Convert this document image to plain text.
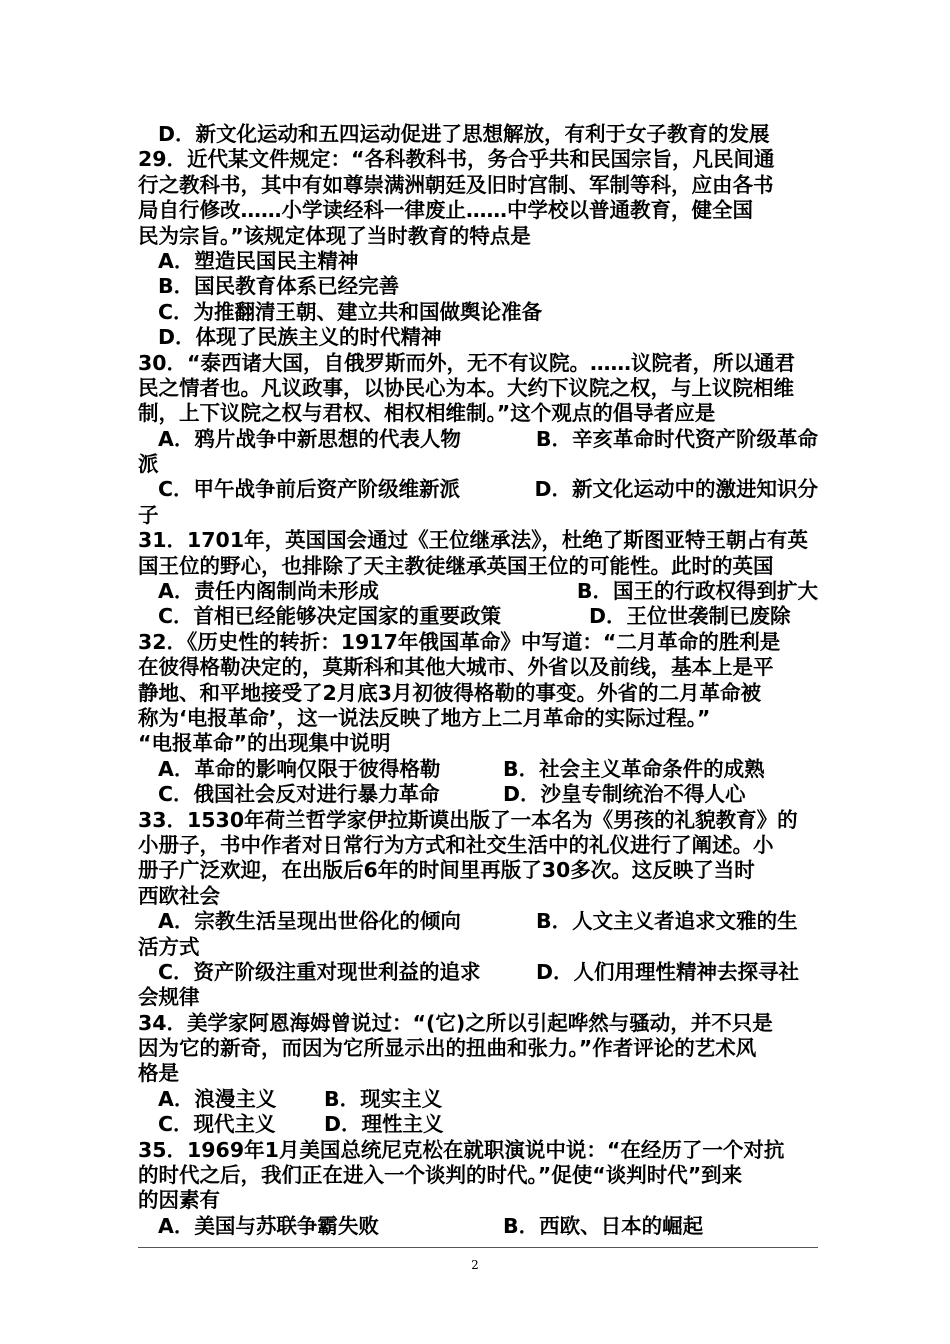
D．新文化运动和五四运动促进了思想解放，有利于女子教育的发展
29．近代某文件规定：“各科教科书，务合乎共和民国宗旨，凡民间通
行之教科书，其中有如尊崇满洲朝廷及旧时宫制、军制等科，应由各书
局自行修改……小学读经科一律废止……中学校以普通教育，健全国
民为宗旨。”该规定体现了当时教育的特点是
A．塑造民国民主精神
B．国民教育体系已经完善
C．为推翻清王朝、建立共和国做舆论准备
D．体现了民族主义的时代精神
30．“泰西诸大国，自俄罗斯而外，无不有议院。……议院者，所以通君
民之情者也。凡议政事，以协民心为本。大约下议院之权，与上议院相维
制，上下议院之权与君权、相权相维制。”这个观点的倡导者应是
A．鸦片战争中新思想的代表人物	B．辛亥革命时代资产阶级革命
派
C．甲午战争前后资产阶级维新派	D．新文化运动中的激进知识分
子
31．1701年，英国国会通过《王位继承法》，杜绝了斯图亚特王朝占有英
国王位的野心，也排除了天主教徒继承英国王位的可能性。此时的英国
A．责任内阁制尚未形成	B．国王的行政权得到扩大
C．首相已经能够决定国家的重要政策	D．王位世袭制已废除
32．《历史性的转折：1917年俄国革命》中写道：“二月革命的胜利是
在彼得格勒决定的，莫斯科和其他大城市、外省以及前线，基本上是平
静地、和平地接受了2月底3月初彼得格勒的事变。外省的二月革命被
称为‘电报革命’，这一说法反映了地方上二月革命的实际过程。”
“电报革命”的出现集中说明
A．革命的影响仅限于彼得格勒	B．社会主义革命条件的成熟
C．俄国社会反对进行暴力革命	D．沙皇专制统治不得人心
33．1530年荷兰哲学家伊拉斯谟出版了一本名为《男孩的礼貌教育》的
小册子，书中作者对日常行为方式和社交生活中的礼仪进行了阐述。小
册子广泛欢迎，在出版后6年的时间里再版了30多次。这反映了当时
西欧社会
A．宗教生活呈现出世俗化的倾向	B．人文主义者追求文雅的生
活方式
C．资产阶级注重对现世利益的追求	D．人们用理性精神去探寻社
会规律
34．美学家阿恩海姆曾说过：“(它)之所以引起哗然与骚动，并不只是
因为它的新奇，而因为它所显示出的扭曲和张力。”作者评论的艺术风
格是
A．浪漫主义	B．现实主义
C．现代主义	D．理性主义
35．1969年1月美国总统尼克松在就职演说中说：“在经历了一个对抗
的时代之后，我们正在进入一个谈判的时代。”促使“谈判时代”到来
的因素有
A．美国与苏联争霸失败	B．西欧、日本的崛起
2
